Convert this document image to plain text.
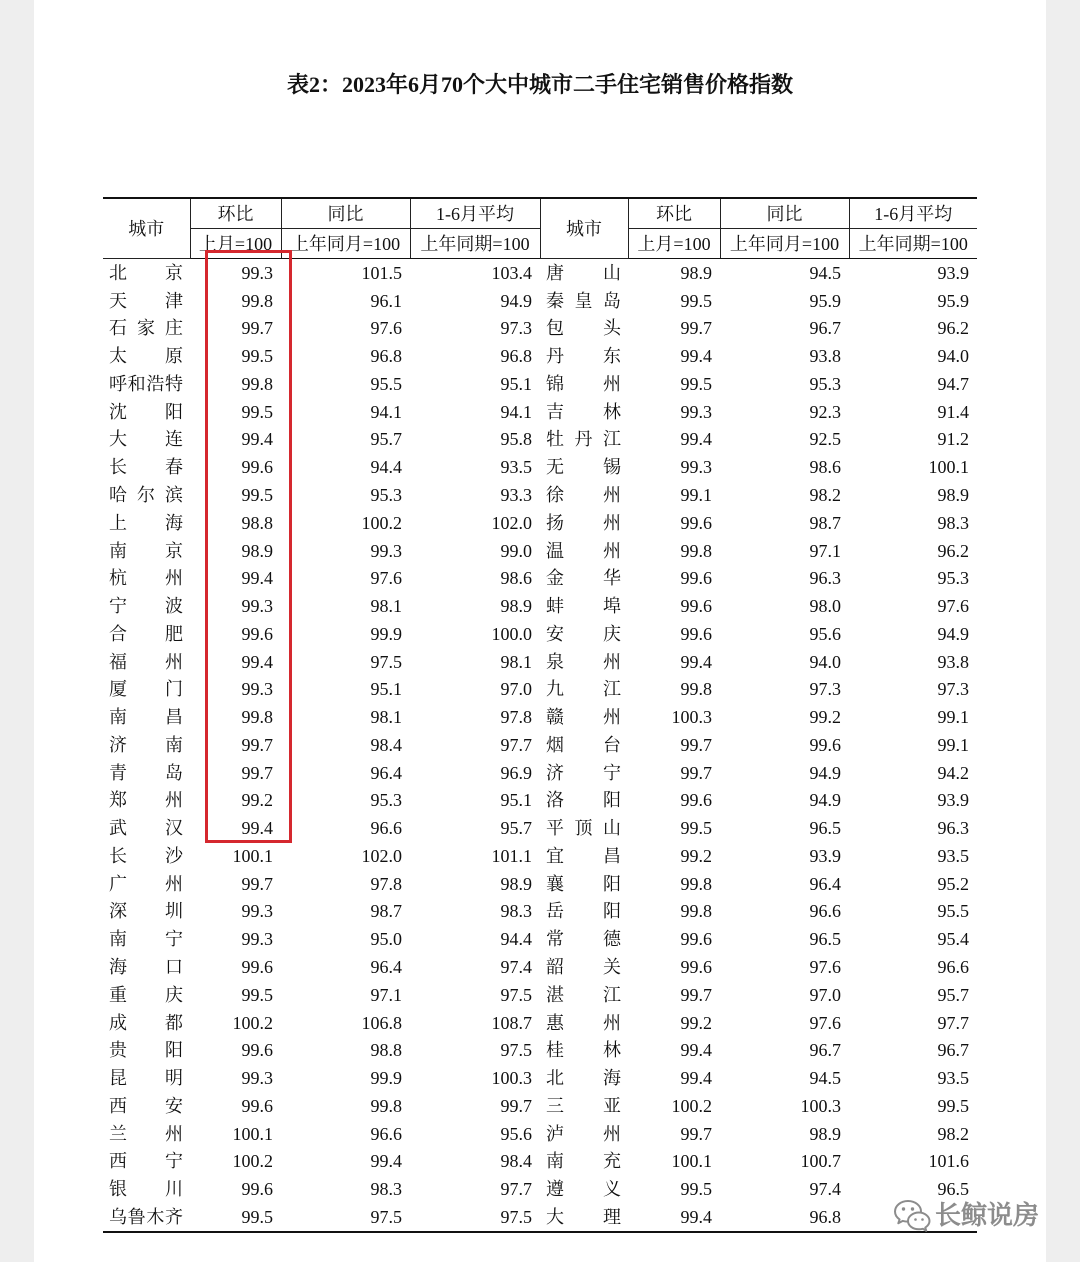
表2：2023年6月70个大中城市二手住宅销售价格指数
城市	环比	同比	1-6月平均	城市	环比	同比	1-6月平均
	上月=100	上年同月=100	上年同期=100		上月=100	上年同月=100	上年同期=100
北京	99.3	101.5	103.4	唐山	98.9	94.5	93.9
天津	99.8	96.1	94.9	秦皇岛	99.5	95.9	95.9
石家庄	99.7	97.6	97.3	包头	99.7	96.7	96.2
太原	99.5	96.8	96.8	丹东	99.4	93.8	94.0
呼和浩特	99.8	95.5	95.1	锦州	99.5	95.3	94.7
沈阳	99.5	94.1	94.1	吉林	99.3	92.3	91.4
大连	99.4	95.7	95.8	牡丹江	99.4	92.5	91.2
长春	99.6	94.4	93.5	无锡	99.3	98.6	100.1
哈尔滨	99.5	95.3	93.3	徐州	99.1	98.2	98.9
上海	98.8	100.2	102.0	扬州	99.6	98.7	98.3
南京	98.9	99.3	99.0	温州	99.8	97.1	96.2
杭州	99.4	97.6	98.6	金华	99.6	96.3	95.3
宁波	99.3	98.1	98.9	蚌埠	99.6	98.0	97.6
合肥	99.6	99.9	100.0	安庆	99.6	95.6	94.9
福州	99.4	97.5	98.1	泉州	99.4	94.0	93.8
厦门	99.3	95.1	97.0	九江	99.8	97.3	97.3
南昌	99.8	98.1	97.8	赣州	100.3	99.2	99.1
济南	99.7	98.4	97.7	烟台	99.7	99.6	99.1
青岛	99.7	96.4	96.9	济宁	99.7	94.9	94.2
郑州	99.2	95.3	95.1	洛阳	99.6	94.9	93.9
武汉	99.4	96.6	95.7	平顶山	99.5	96.5	96.3
长沙	100.1	102.0	101.1	宜昌	99.2	93.9	93.5
广州	99.7	97.8	98.9	襄阳	99.8	96.4	95.2
深圳	99.3	98.7	98.3	岳阳	99.8	96.6	95.5
南宁	99.3	95.0	94.4	常德	99.6	96.5	95.4
海口	99.6	96.4	97.4	韶关	99.6	97.6	96.6
重庆	99.5	97.1	97.5	湛江	99.7	97.0	95.7
成都	100.2	106.8	108.7	惠州	99.2	97.6	97.7
贵阳	99.6	98.8	97.5	桂林	99.4	96.7	96.7
昆明	99.3	99.9	100.3	北海	99.4	94.5	93.5
西安	99.6	99.8	99.7	三亚	100.2	100.3	99.5
兰州	100.1	96.6	95.6	泸州	99.7	98.9	98.2
西宁	100.2	99.4	98.4	南充	100.1	100.7	101.6
银川	99.6	98.3	97.7	遵义	99.5	97.4	96.5
乌鲁木齐	99.5	97.5	97.5	大理	99.4	96.8		长鲸说房
